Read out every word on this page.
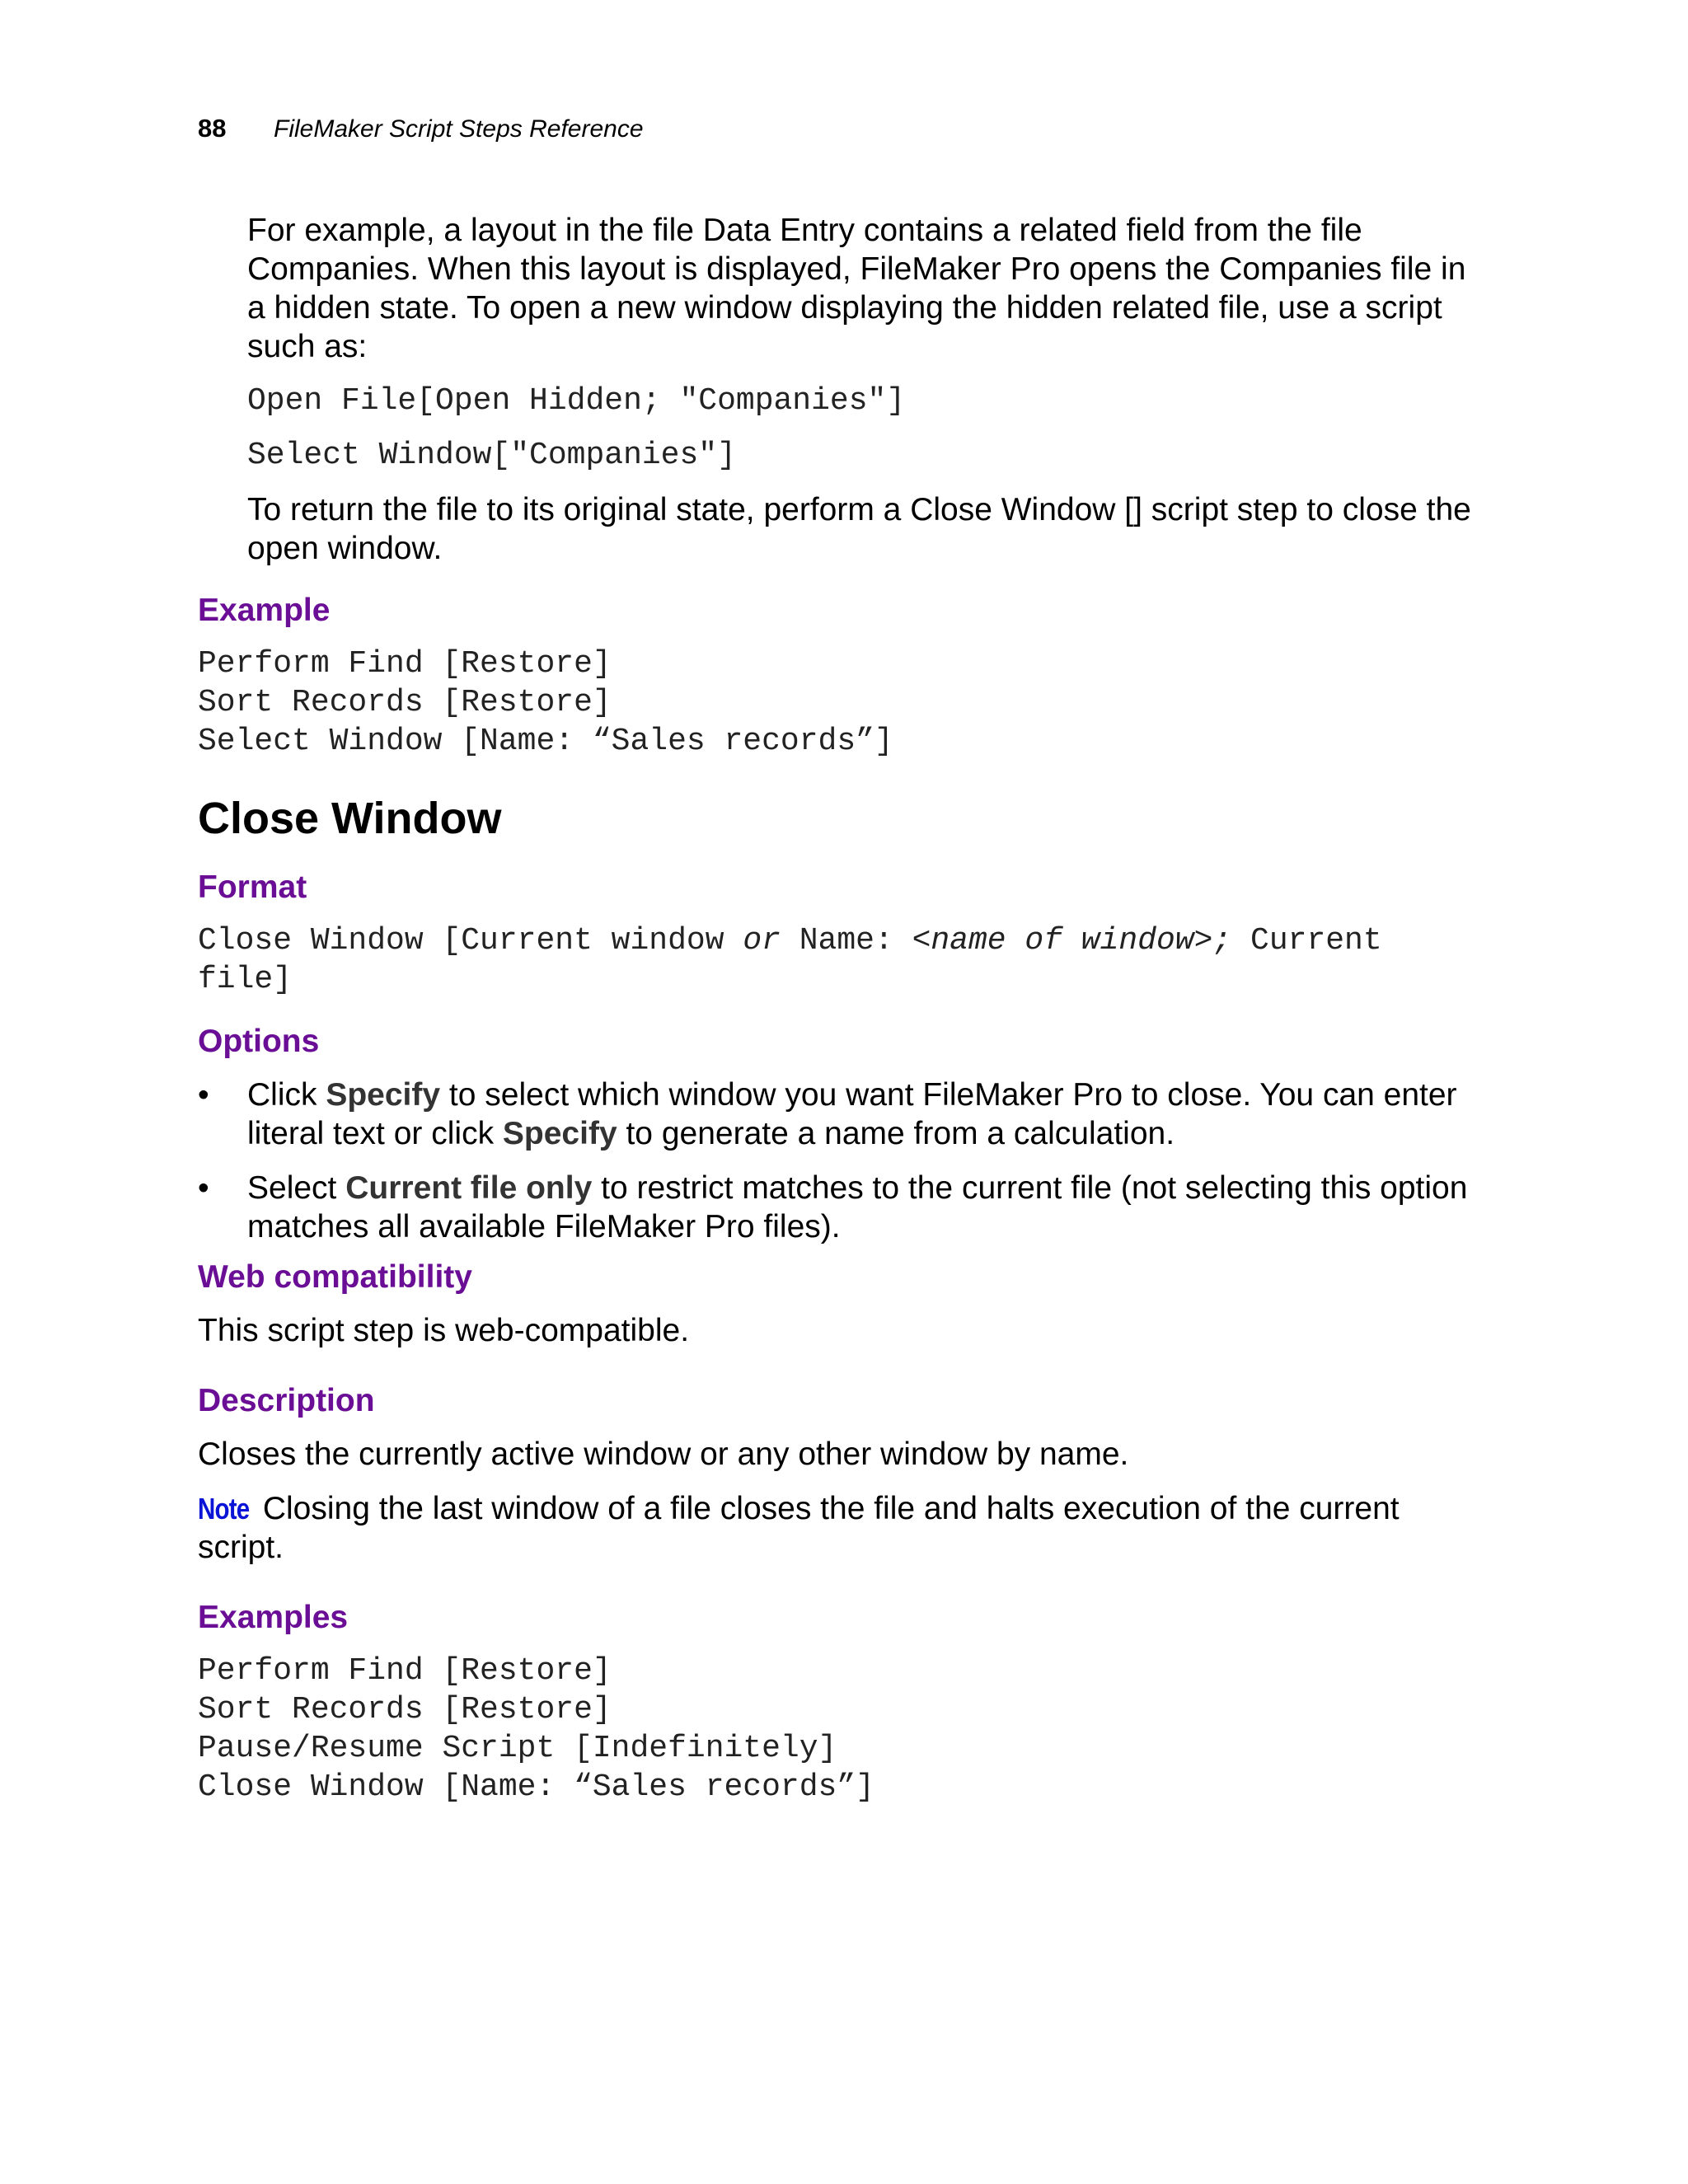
88	FileMaker Script Steps Reference

For example, a layout in the file Data Entry contains a related field from the file Companies. When this layout is displayed, FileMaker Pro opens the Companies file in a hidden state. To open a new window displaying the hidden related file, use a script such as:

Open File[Open Hidden; "Companies"]
Select Window["Companies"]

To return the file to its original state, perform a Close Window [] script step to close the open window.

Example
Perform Find [Restore]
Sort Records [Restore]
Select Window [Name: “Sales records”]
Close Window
Format
Close Window [Current window or Name: <name of window>; Current file]
Options
•	Click Specify to select which window you want FileMaker Pro to close. You can enter literal text or click Specify to generate a name from a calculation.
•	Select Current file only to restrict matches to the current file (not selecting this option matches all available FileMaker Pro files).
Web compatibility

This script step is web-compatible.

Description

Closes the currently active window or any other window by name.

Note Closing the last window of a file closes the file and halts execution of the current script.

Examples
Perform Find [Restore]
Sort Records [Restore]
Pause/Resume Script [Indefinitely]
Close Window [Name: “Sales records”]
